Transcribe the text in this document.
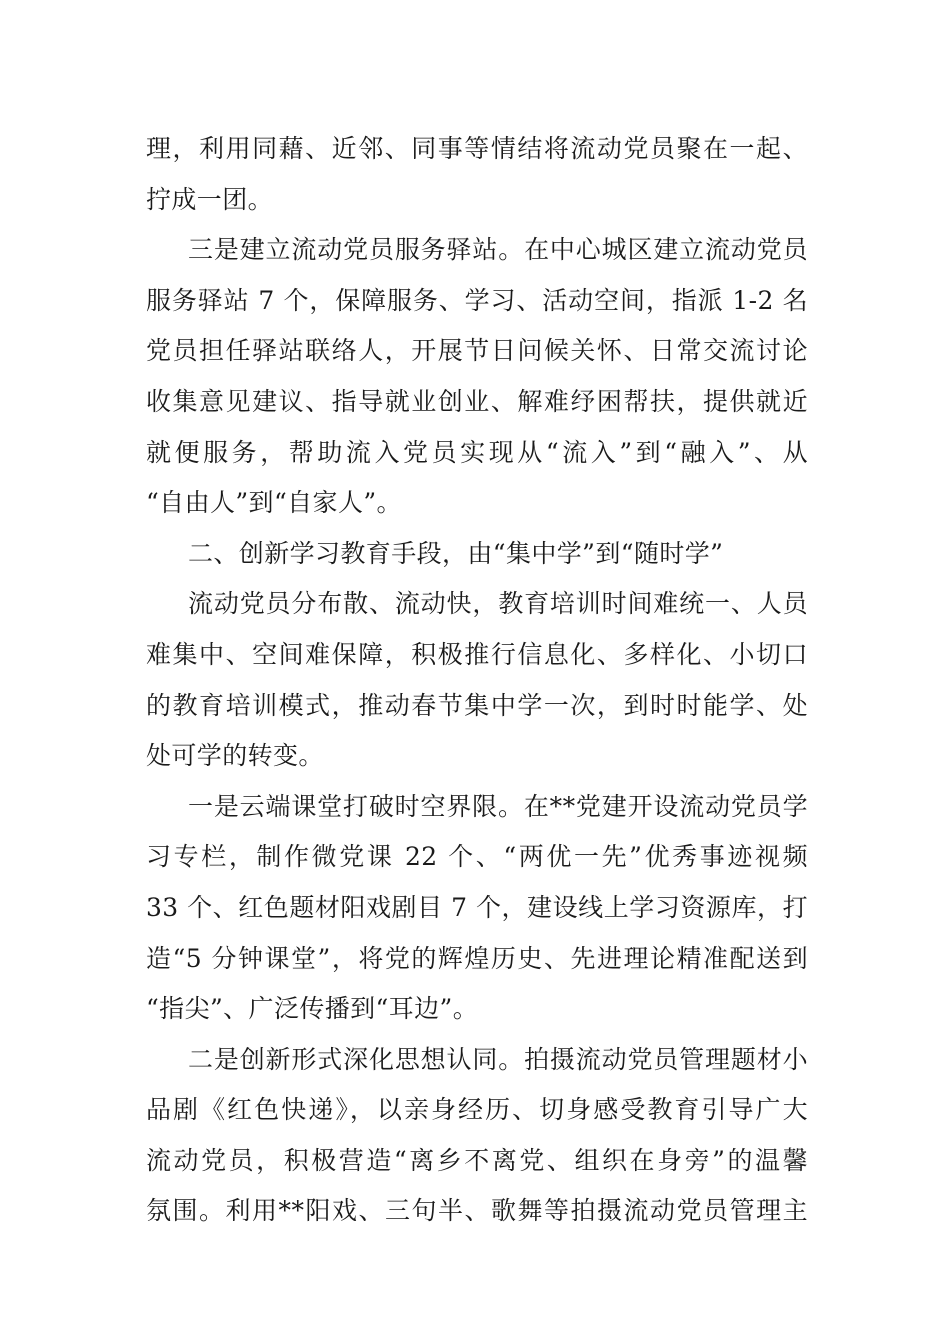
理，利用同藉、近邻、同事等情结将流动党员聚在一起、
拧成一团。
三是建立流动党员服务驿站。在中心城区建立流动党员
服务驿站 7 个，保障服务、学习、活动空间，指派 1-2 名
党员担任驿站联络人，开展节日问候关怀、日常交流讨论
收集意见建议、指导就业创业、解难纾困帮扶，提供就近
就便服务，帮助流入党员实现从“流入”到“融入”、从
“自由人”到“自家人”。
二、创新学习教育手段，由“集中学”到“随时学”
流动党员分布散、流动快，教育培训时间难统一、人员
难集中、空间难保障，积极推行信息化、多样化、小切口
的教育培训模式，推动春节集中学一次，到时时能学、处
处可学的转变。
一是云端课堂打破时空界限。在**党建开设流动党员学
习专栏，制作微党课 22 个、“两优一先”优秀事迹视频
33 个、红色题材阳戏剧目 7 个，建设线上学习资源库，打
造“5 分钟课堂”，将党的辉煌历史、先进理论精准配送到
“指尖”、广泛传播到“耳边”。
二是创新形式深化思想认同。拍摄流动党员管理题材小
品剧《红色快递》，以亲身经历、切身感受教育引导广大
流动党员，积极营造“离乡不离党、组织在身旁”的温馨
氛围。利用**阳戏、三句半、歌舞等拍摄流动党员管理主
